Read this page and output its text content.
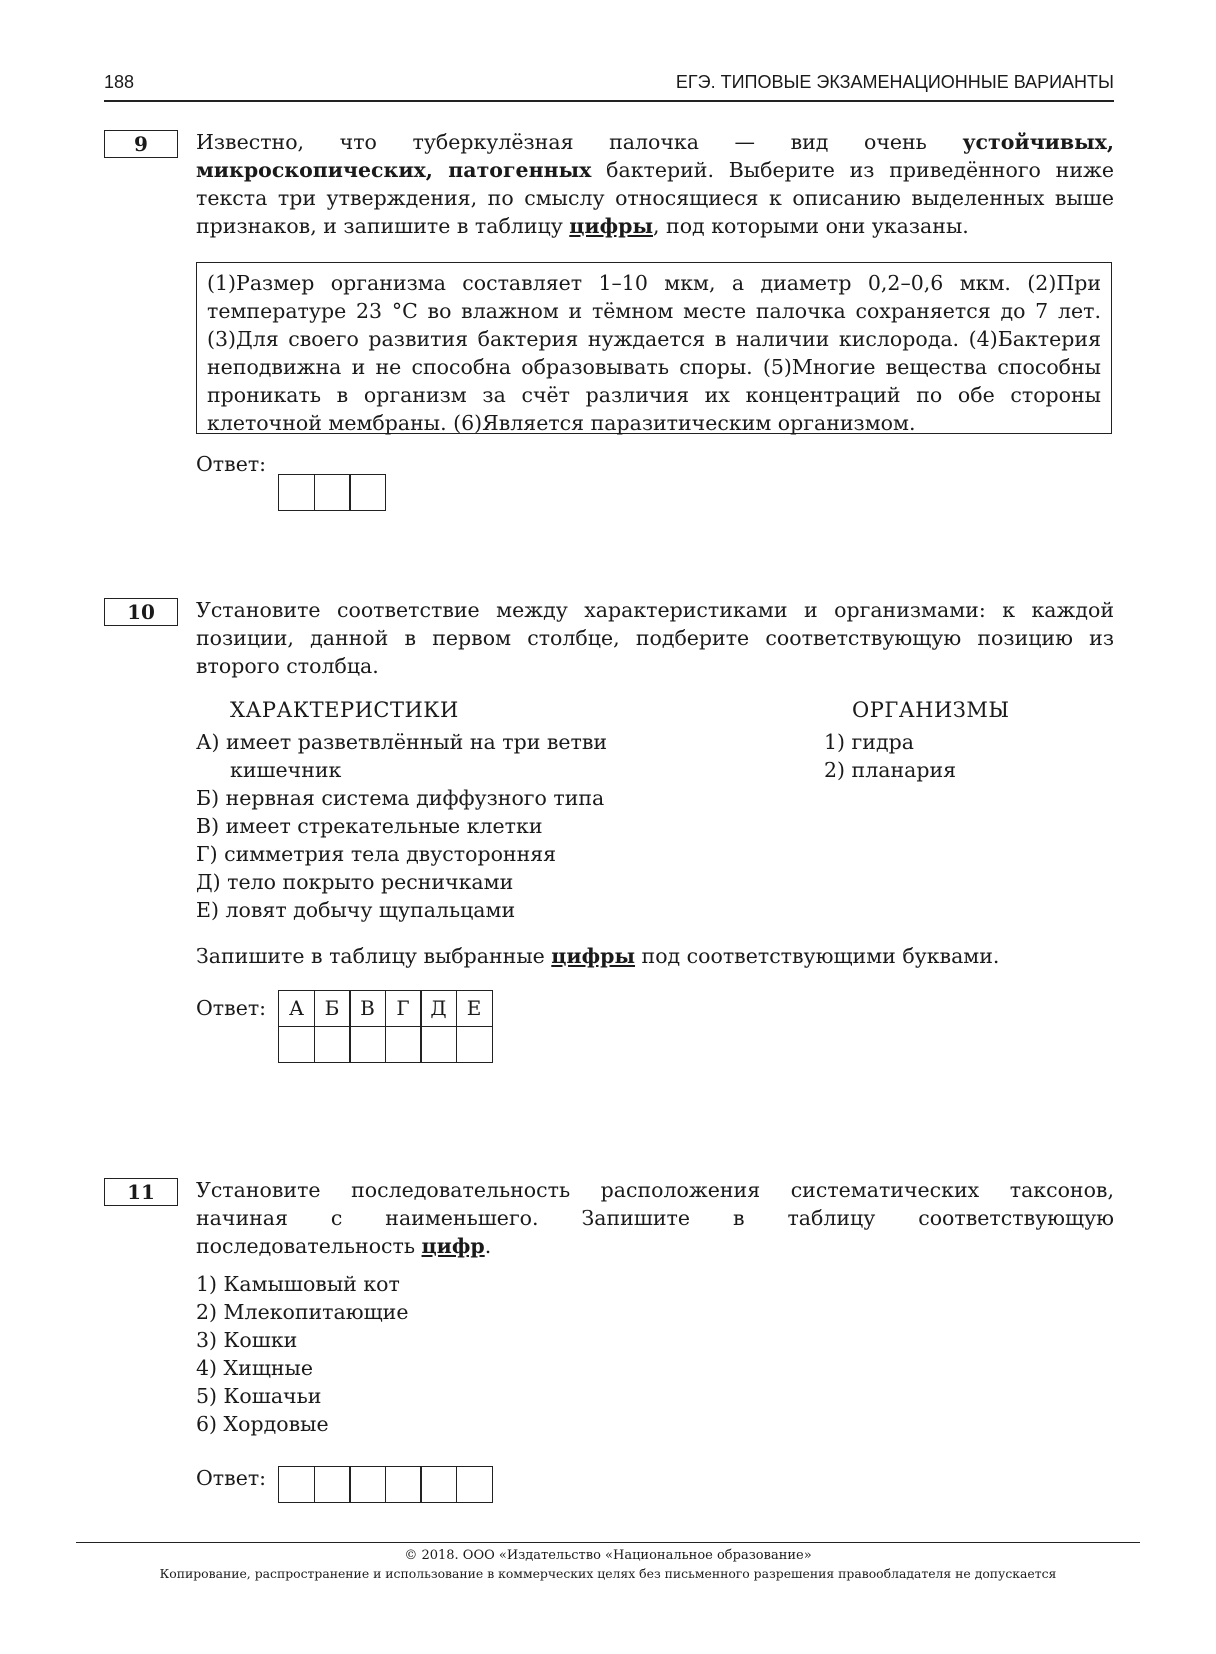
188	ЕГЭ. ТИПОВЫЕ ЭКЗАМЕНАЦИОННЫЕ ВАРИАНТЫ
9	Известно, что туберкулёзная палочка — вид очень устойчивых, микроскопических, патогенных бактерий. Выберите из приведённого ниже текста три утверждения, по смыслу относящиеся к описанию выделенных выше признаков, и запишите в таблицу цифры, под которыми они указаны.
(1)Размер организма составляет 1–10 мкм, а диаметр 0,2–0,6 мкм. (2)При температуре 23 °С во влажном и тёмном месте палочка сохраняется до 7 лет. (3)Для своего развития бактерия нуждается в наличии кислорода. (4)Бактерия неподвижна и не способна образовывать споры. (5)Многие вещества способны проникать в организм за счёт различия их концентраций по обе стороны клеточной мембраны. (6)Является паразитическим организмом.
Ответ:
10	Установите соответствие между характеристиками и организмами: к каждой позиции, данной в первом столбце, подберите соответствующую позицию из второго столбца.
ХАРАКТЕРИСТИКИ	ОРГАНИЗМЫ
А) имеет разветвлённый на три ветви
кишечник
Б) нервная система диффузного типа
В) имеет стрекательные клетки
Г) симметрия тела двусторонняя
Д) тело покрыто ресничками
Е) ловят добычу щупальцами
1) гидра
2) планария
Запишите в таблицу выбранные цифры под соответствующими буквами.
Ответ:	А	Б	В	Г	Д	Е
11	Установите последовательность расположения систематических таксонов, начиная с наименьшего. Запишите в таблицу соответствующую последовательность цифр.
1) Камышовый кот
2) Млекопитающие
3) Кошки
4) Хищные
5) Кошачьи
6) Хордовые
Ответ:
© 2018. ООО «Издательство «Национальное образование»
Копирование, распространение и использование в коммерческих целях без письменного разрешения правообладателя не допускается
